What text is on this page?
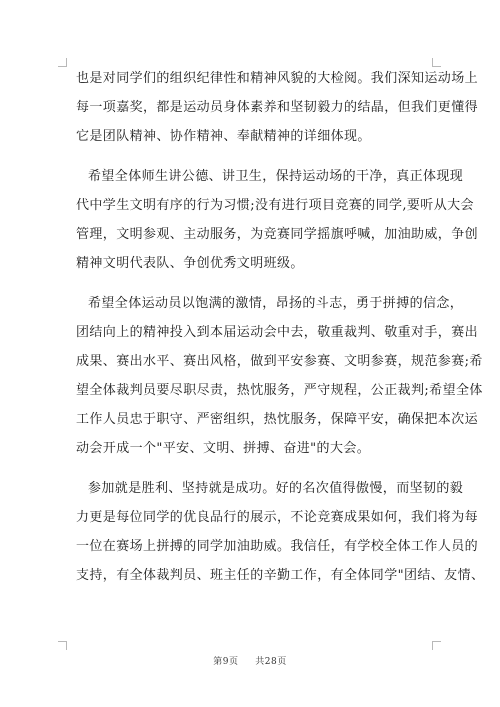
也是对同学们的组织纪律性和精神风貌的大检阅。我们深知运动场上
每一项嘉奖，都是运动员身体素养和坚韧毅力的结晶，但我们更懂得
它是团队精神、协作精神、奉献精神的详细体现。
希望全体师生讲公德、讲卫生，保持运动场的干净，真正体现现
代中学生文明有序的行为习惯;没有进行项目竞赛的同学,要听从大会
管理，文明参观、主动服务，为竞赛同学摇旗呼喊，加油助威，争创
精神文明代表队、争创优秀文明班级。
希望全体运动员以饱满的激情，昂扬的斗志，勇于拼搏的信念，
团结向上的精神投入到本届运动会中去，敬重裁判、敬重对手，赛出
成果、赛出水平、赛出风格，做到平安参赛、文明参赛，规范参赛;希
望全体裁判员要尽职尽责，热忱服务，严守规程，公正裁判;希望全体
工作人员忠于职守、严密组织，热忱服务，保障平安，确保把本次运
动会开成一个"平安、文明、拼搏、奋进"的大会。
参加就是胜利、坚持就是成功。好的名次值得傲慢，而坚韧的毅
力更是每位同学的优良品行的展示，不论竞赛成果如何，我们将为每
一位在赛场上拼搏的同学加油助威。我信任，有学校全体工作人员的
支持，有全体裁判员、班主任的辛勤工作，有全体同学"团结、友情、
第9页 共28页
